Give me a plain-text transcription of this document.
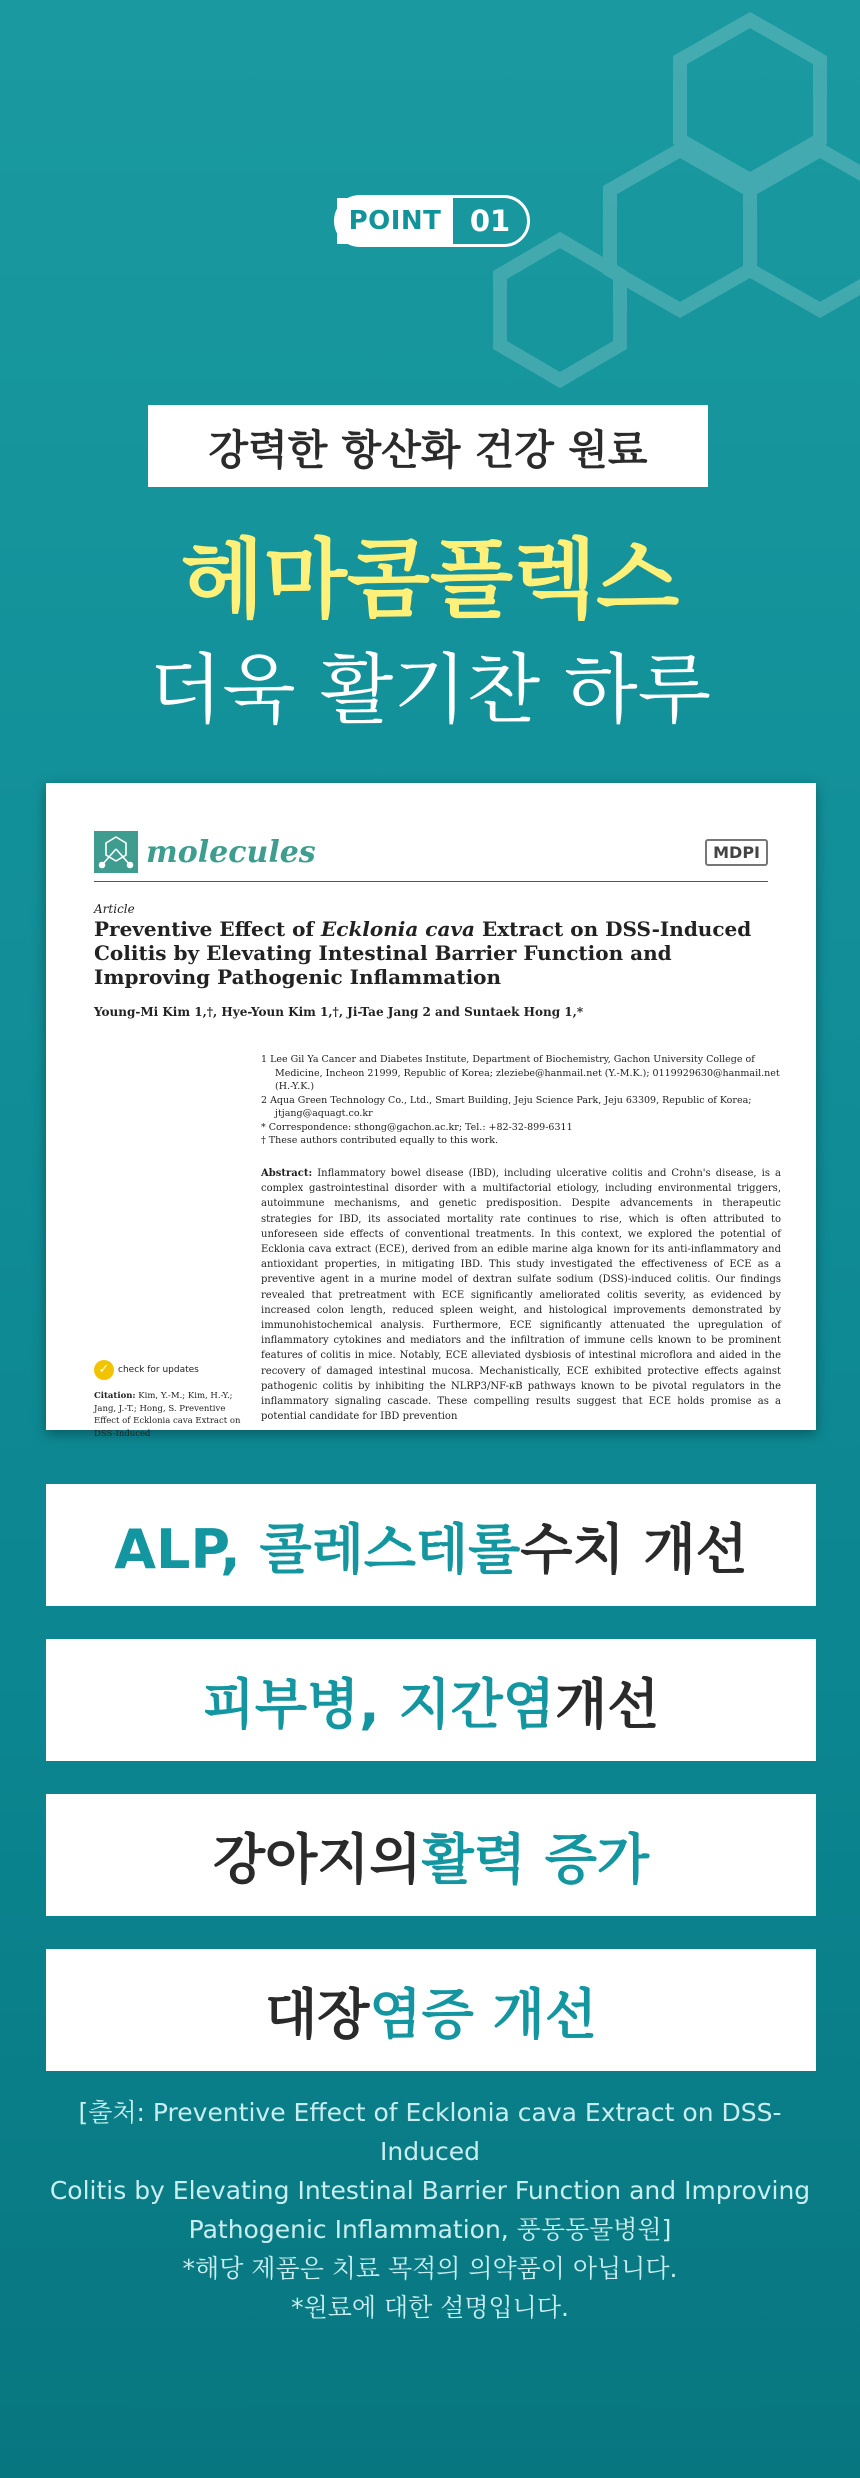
POINT 01
강력한 항산화 건강 원료
헤마콤플렉스
더욱 활기찬 하루
molecules	MDPI
Article
Preventive Effect of Ecklonia cava Extract on DSS-Induced Colitis by Elevating Intestinal Barrier Function and Improving Pathogenic Inflammation
Young-Mi Kim 1,†, Hye-Youn Kim 1,†, Ji-Tae Jang 2 and Suntaek Hong 1,*
1 Lee Gil Ya Cancer and Diabetes Institute, Department of Biochemistry, Gachon University College of Medicine, Incheon 21999, Republic of Korea; zleziebe@hanmail.net (Y.-M.K.); 0119929630@hanmail.net (H.-Y.K.)
2 Aqua Green Technology Co., Ltd., Smart Building, Jeju Science Park, Jeju 63309, Republic of Korea; jtjang@aquagt.co.kr
* Correspondence: sthong@gachon.ac.kr; Tel.: +82-32-899-6311
† These authors contributed equally to this work.
Abstract: Inflammatory bowel disease (IBD), including ulcerative colitis and Crohn's disease, is a complex gastrointestinal disorder with a multifactorial etiology, including environmental triggers, autoimmune mechanisms, and genetic predisposition. Despite advancements in therapeutic strategies for IBD, its associated mortality rate continues to rise, which is often attributed to unforeseen side effects of conventional treatments. In this context, we explored the potential of Ecklonia cava extract (ECE), derived from an edible marine alga known for its anti-inflammatory and antioxidant properties, in mitigating IBD. This study investigated the effectiveness of ECE as a preventive agent in a murine model of dextran sulfate sodium (DSS)-induced colitis. Our findings revealed that pretreatment with ECE significantly ameliorated colitis severity, as evidenced by increased colon length, reduced spleen weight, and histological improvements demonstrated by immunohistochemical analysis. Furthermore, ECE significantly attenuated the upregulation of inflammatory cytokines and mediators and the infiltration of immune cells known to be prominent features of colitis in mice. Notably, ECE alleviated dysbiosis of intestinal microflora and aided in the recovery of damaged intestinal mucosa. Mechanistically, ECE exhibited protective effects against pathogenic colitis by inhibiting the NLRP3/NF-κB pathways known to be pivotal regulators in the inflammatory signaling cascade. These compelling results suggest that ECE holds promise as a potential candidate for IBD prevention
✓ check for updates
Citation: Kim, Y.-M.; Kim, H.-Y.; Jang, J.-T.; Hong, S. Preventive Effect of Ecklonia cava Extract on DSS-Induced
ALP, 콜레스테롤 수치 개선
피부병, 지간염 개선
강아지의 활력 증가
대장 염증 개선
[출처: Preventive Effect of Ecklonia cava Extract on DSS-Induced
Colitis by Elevating Intestinal Barrier Function and Improving
Pathogenic Inflammation, 풍동동물병원]
*해당 제품은 치료 목적의 의약품이 아닙니다.
*원료에 대한 설명입니다.
